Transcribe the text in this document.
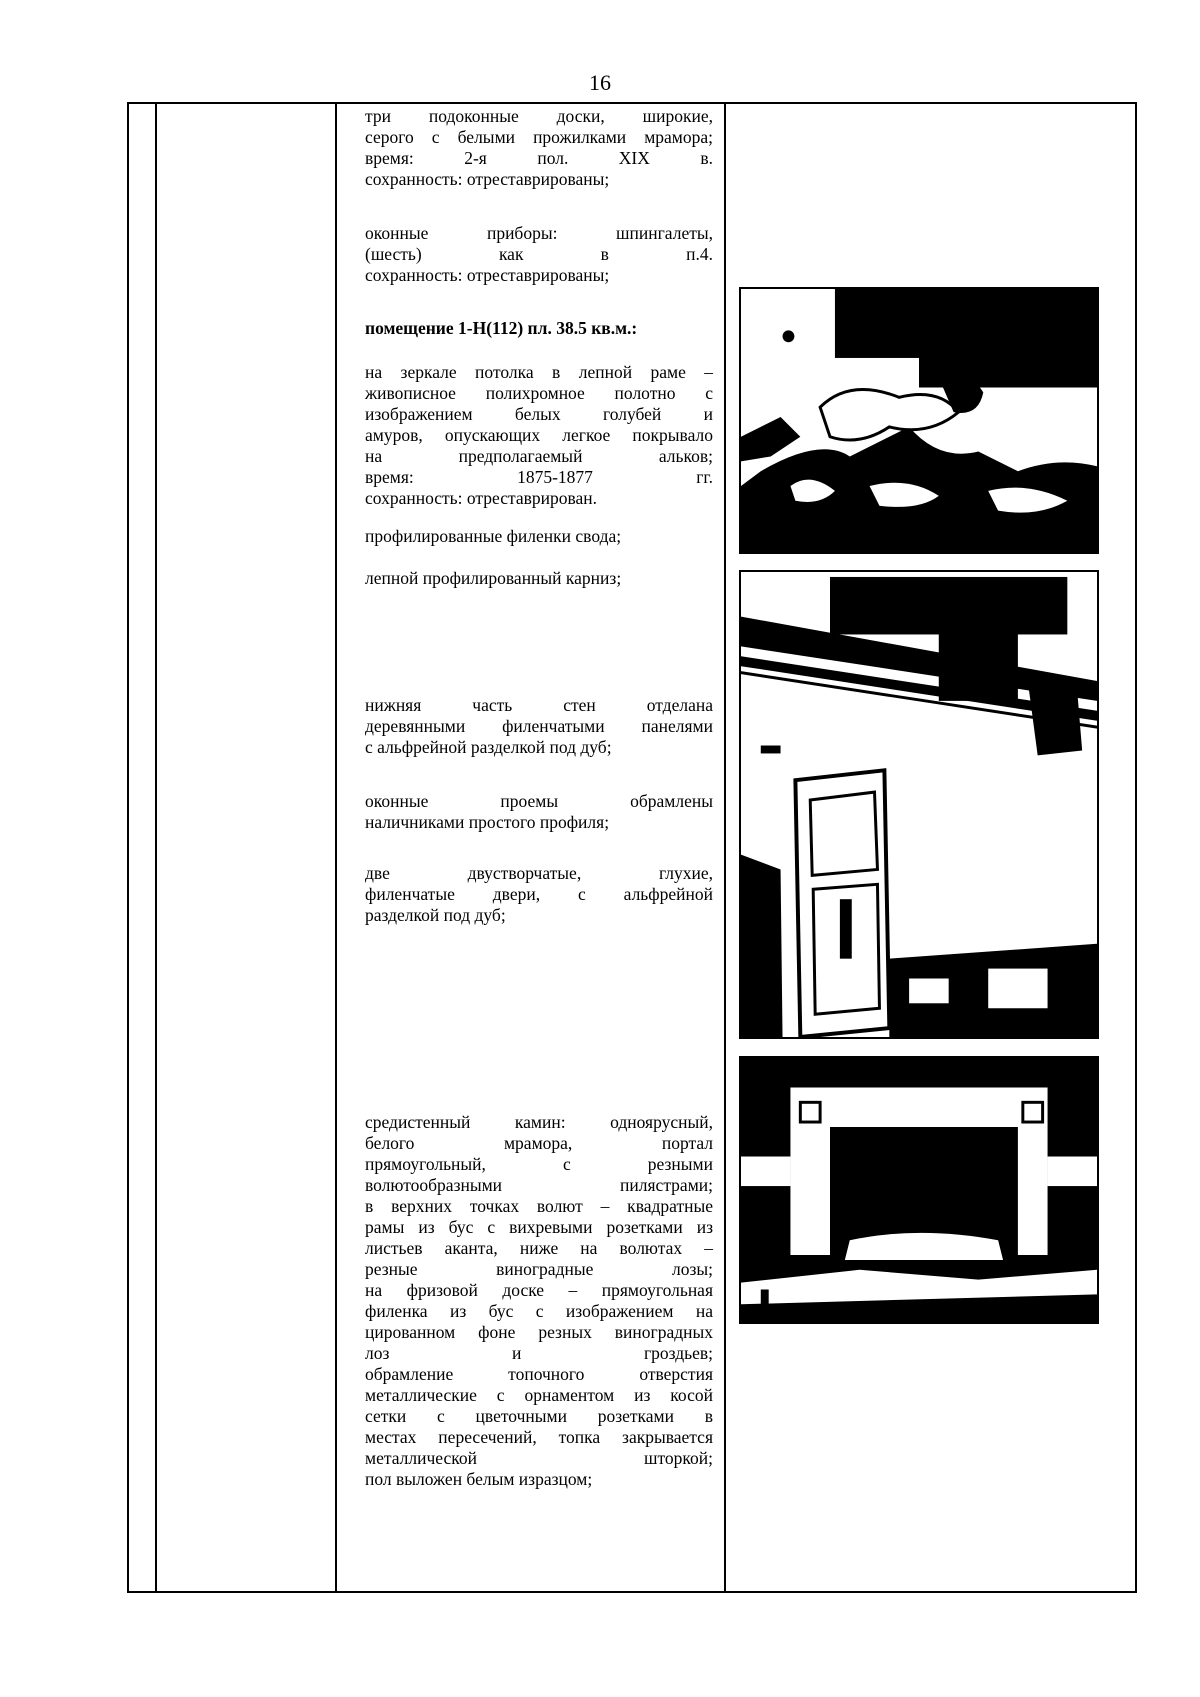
16
три подоконные доски, широкие,
серого с белыми прожилками мрамора;
время: 2-я пол. XIX в.
сохранность: отреставрированы;
оконные приборы: шпингалеты,
(шесть) как в п.4.
сохранность: отреставрированы;
помещение 1-Н(112) пл. 38.5 кв.м.:
на зеркале потолка в лепной раме –
живописное полихромное полотно с
изображением белых голубей и
амуров, опускающих легкое покрывало
на предполагаемый альков;
время: 1875-1877 гг.
сохранность: отреставрирован.
профилированные филенки свода;
лепной профилированный карниз;
нижняя часть стен отделана
деревянными филенчатыми панелями
с альфрейной разделкой под дуб;
оконные проемы обрамлены
наличниками простого профиля;
две двустворчатые, глухие,
филенчатые двери, с альфрейной
разделкой под дуб;
средистенный камин: одноярусный,
белого мрамора, портал
прямоугольный, с резными
волютообразными пилястрами;
в верхних точках волют – квадратные
рамы из бус с вихревыми розетками из
листьев аканта, ниже на волютах –
резные виноградные лозы;
на фризовой доске – прямоугольная
филенка из бус с изображением на
цированном фоне резных виноградных
лоз и гроздьев;
обрамление топочного отверстия
металлические с орнаментом из косой
сетки с цветочными розетками в
местах пересечений, топка закрывается
металлической шторкой;
пол выложен белым изразцом;
